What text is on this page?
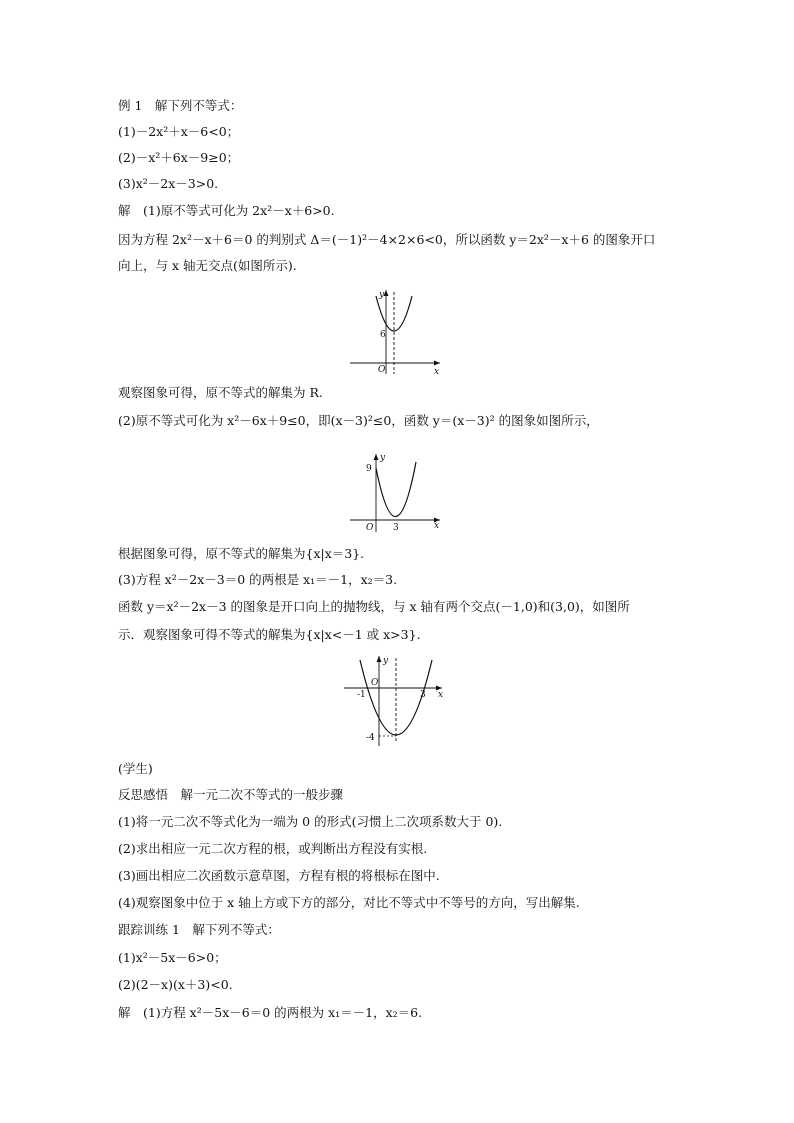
例 1　解下列不等式：
(1)－2x²＋x－6<0；
(2)－x²＋6x－9≥0；
(3)x²－2x－3>0.
解　(1)原不等式可化为 2x²－x＋6>0.
因为方程 2x²－x＋6＝0 的判别式 Δ＝(－1)²－4×2×6<0，所以函数 y＝2x²－x＋6 的图象开口
向上，与 x 轴无交点(如图所示).
y
x
O
6
观察图象可得，原不等式的解集为 R.
(2)原不等式可化为 x²－6x＋9≤0，即(x－3)²≤0，函数 y＝(x－3)² 的图象如图所示，
y
x
O
9
3
根据图象可得，原不等式的解集为{x|x＝3}.
(3)方程 x²－2x－3＝0 的两根是 x₁＝－1，x₂＝3.
函数 y＝x²－2x－3 的图象是开口向上的抛物线，与 x 轴有两个交点(－1,0)和(3,0)，如图所
示．观察图象可得不等式的解集为{x|x<－1 或 x>3}.
y
x
O
-1	3
-4
(学生)
反思感悟　解一元二次不等式的一般步骤
(1)将一元二次不等式化为一端为 0 的形式(习惯上二次项系数大于 0).
(2)求出相应一元二次方程的根，或判断出方程没有实根.
(3)画出相应二次函数示意草图，方程有根的将根标在图中.
(4)观察图象中位于 x 轴上方或下方的部分，对比不等式中不等号的方向，写出解集.
跟踪训练 1　解下列不等式：
(1)x²－5x－6>0；
(2)(2－x)(x＋3)<0.
解　(1)方程 x²－5x－6＝0 的两根为 x₁＝－1，x₂＝6.
